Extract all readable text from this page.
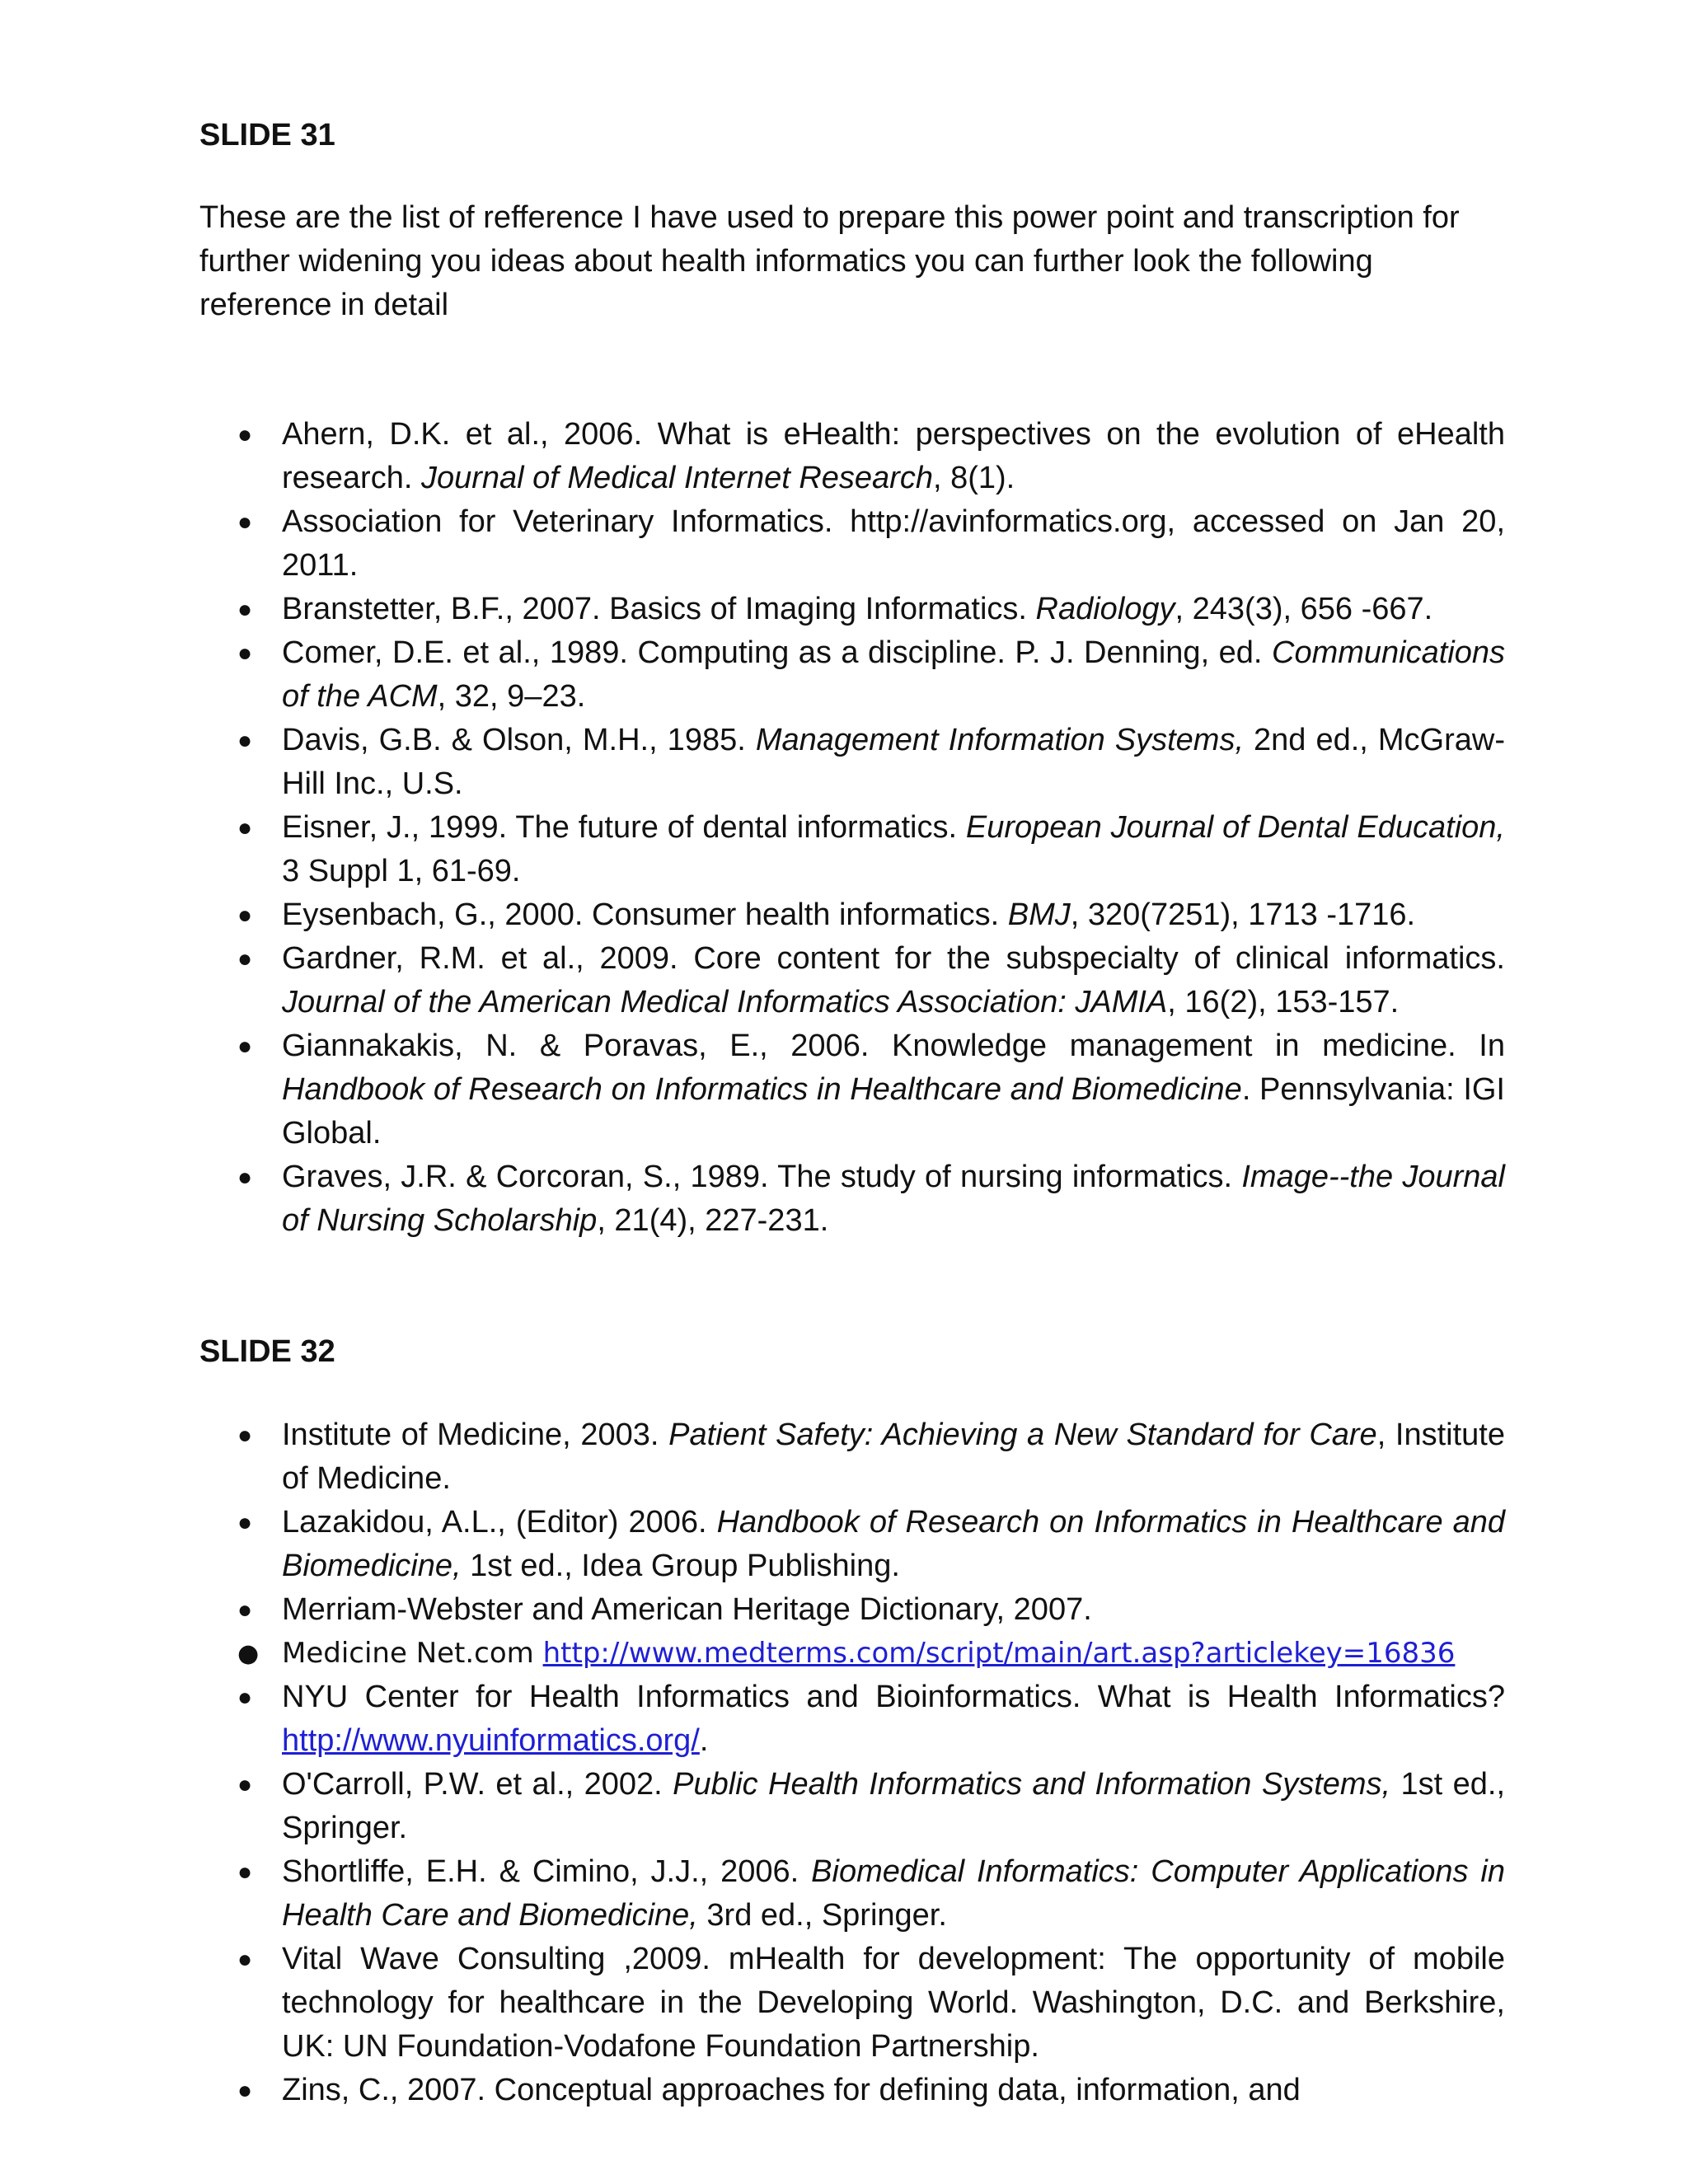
SLIDE 31

These are the list of refference I have used to prepare this power point and transcription for further widening you ideas about health informatics you can further look the following reference in detail

● Ahern, D.K. et al., 2006. What is eHealth: perspectives on the evolution of eHealth research. Journal of Medical Internet Research, 8(1).
● Association for Veterinary Informatics. http://avinformatics.org, accessed on Jan 20, 2011.
● Branstetter, B.F., 2007. Basics of Imaging Informatics. Radiology, 243(3), 656 -667.
● Comer, D.E. et al., 1989. Computing as a discipline. P. J. Denning, ed. Communications of the ACM, 32, 9–23.
● Davis, G.B. & Olson, M.H., 1985. Management Information Systems, 2nd ed., McGraw-Hill Inc., U.S.
● Eisner, J., 1999. The future of dental informatics. European Journal of Dental Education, 3 Suppl 1, 61-69.
● Eysenbach, G., 2000. Consumer health informatics. BMJ, 320(7251), 1713 -1716.
● Gardner, R.M. et al., 2009. Core content for the subspecialty of clinical informatics. Journal of the American Medical Informatics Association: JAMIA, 16(2), 153-157.
● Giannakakis, N. & Poravas, E., 2006. Knowledge management in medicine. In Handbook of Research on Informatics in Healthcare and Biomedicine. Pennsylvania: IGI Global.
● Graves, J.R. & Corcoran, S., 1989. The study of nursing informatics. Image--the Journal of Nursing Scholarship, 21(4), 227-231.
SLIDE 32
● Institute of Medicine, 2003. Patient Safety: Achieving a New Standard for Care, Institute of Medicine.
● Lazakidou, A.L., (Editor) 2006. Handbook of Research on Informatics in Healthcare and Biomedicine, 1st ed., Idea Group Publishing.
● Merriam-Webster and American Heritage Dictionary, 2007.
● Medicine Net.com http://www.medterms.com/script/main/art.asp?articlekey=16836
● NYU Center for Health Informatics and Bioinformatics. What is Health Informatics? http://www.nyuinformatics.org/.
● O'Carroll, P.W. et al., 2002. Public Health Informatics and Information Systems, 1st ed., Springer.
● Shortliffe, E.H. & Cimino, J.J., 2006. Biomedical Informatics: Computer Applications in Health Care and Biomedicine, 3rd ed., Springer.
● Vital Wave Consulting ,2009. mHealth for development: The opportunity of mobile technology for healthcare in the Developing World. Washington, D.C. and Berkshire, UK: UN Foundation-Vodafone Foundation Partnership.
● Zins, C., 2007. Conceptual approaches for defining data, information, and
